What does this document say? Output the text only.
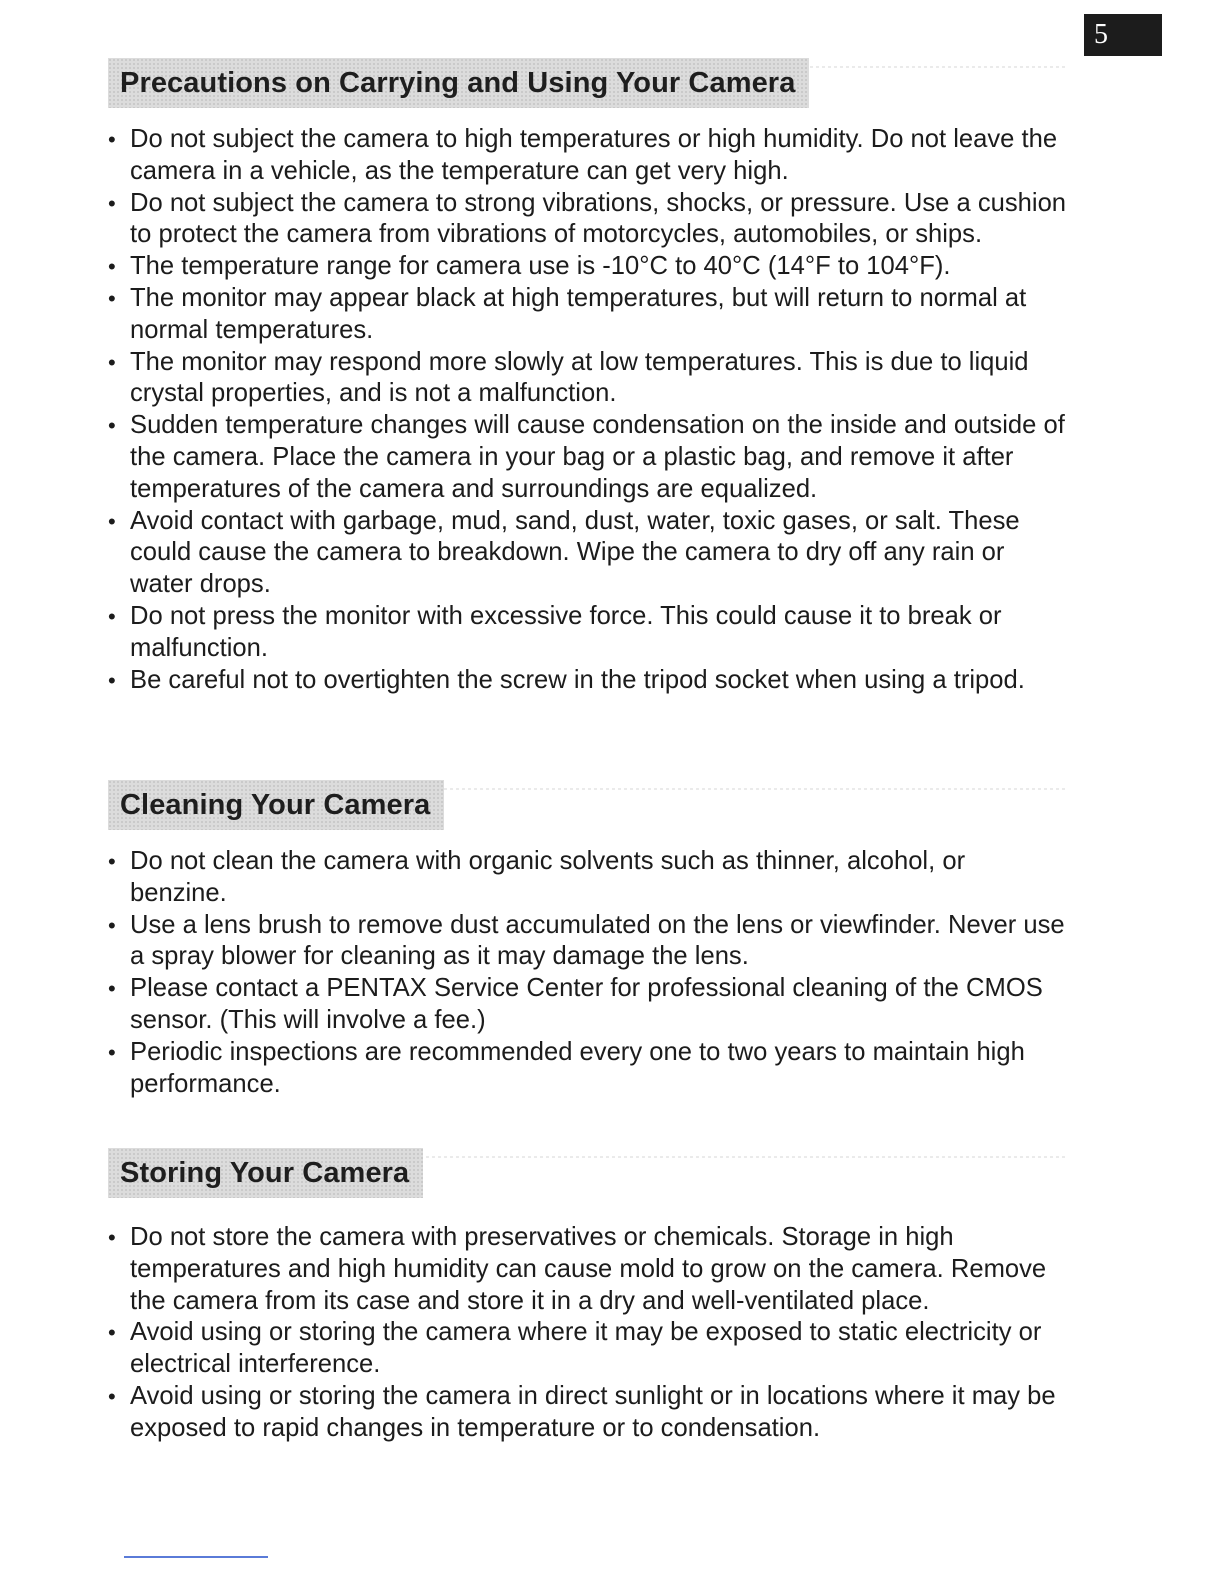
5
Precautions on Carrying and Using Your Camera
• Do not subject the camera to high temperatures or high humidity. Do not leave the camera in a vehicle, as the temperature can get very high.
• Do not subject the camera to strong vibrations, shocks, or pressure. Use a cushion to protect the camera from vibrations of motorcycles, automobiles, or ships.
• The temperature range for camera use is -10°C to 40°C (14°F to 104°F).
• The monitor may appear black at high temperatures, but will return to normal at normal temperatures.
• The monitor may respond more slowly at low temperatures. This is due to liquid crystal properties, and is not a malfunction.
• Sudden temperature changes will cause condensation on the inside and outside of the camera. Place the camera in your bag or a plastic bag, and remove it after temperatures of the camera and surroundings are equalized.
• Avoid contact with garbage, mud, sand, dust, water, toxic gases, or salt. These could cause the camera to breakdown. Wipe the camera to dry off any rain or water drops.
• Do not press the monitor with excessive force. This could cause it to break or malfunction.
• Be careful not to overtighten the screw in the tripod socket when using a tripod.
Cleaning Your Camera
• Do not clean the camera with organic solvents such as thinner, alcohol, or benzine.
• Use a lens brush to remove dust accumulated on the lens or viewfinder. Never use a spray blower for cleaning as it may damage the lens.
• Please contact a PENTAX Service Center for professional cleaning of the CMOS sensor. (This will involve a fee.)
• Periodic inspections are recommended every one to two years to maintain high performance.
Storing Your Camera
• Do not store the camera with preservatives or chemicals. Storage in high temperatures and high humidity can cause mold to grow on the camera. Remove the camera from its case and store it in a dry and well-ventilated place.
• Avoid using or storing the camera where it may be exposed to static electricity or electrical interference.
• Avoid using or storing the camera in direct sunlight or in locations where it may be exposed to rapid changes in temperature or to condensation.
